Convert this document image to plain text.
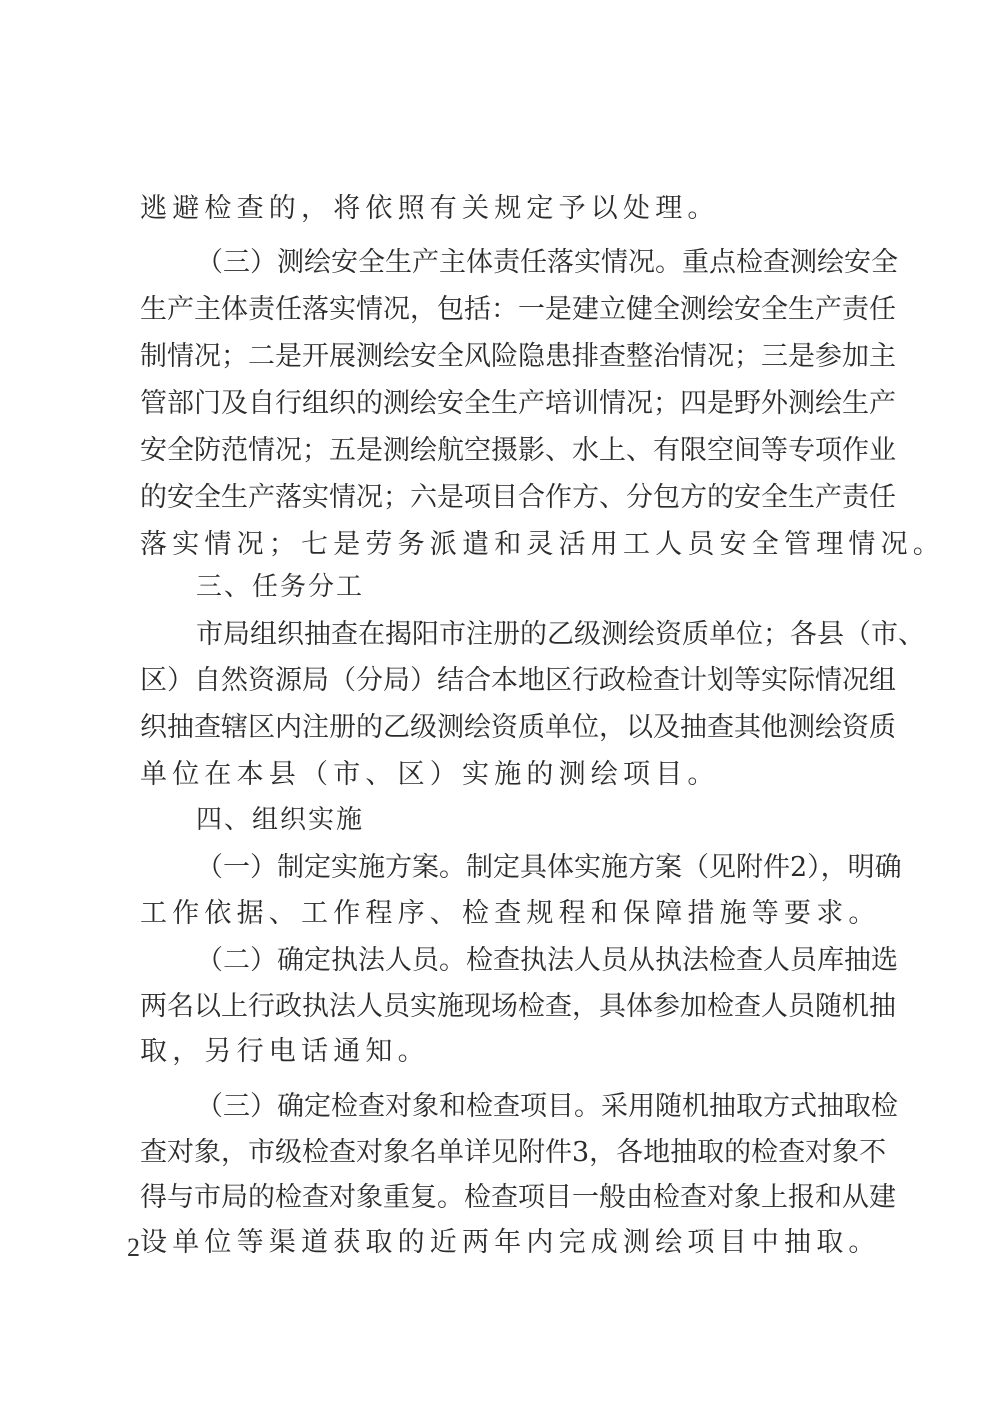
逃避检查的，将依照有关规定予以处理。

（三）测绘安全生产主体责任落实情况。重点检查测绘安全

生产主体责任落实情况，包括：一是建立健全测绘安全生产责任

制情况；二是开展测绘安全风险隐患排查整治情况；三是参加主

管部门及自行组织的测绘安全生产培训情况；四是野外测绘生产

安全防范情况；五是测绘航空摄影、水上、有限空间等专项作业

的安全生产落实情况；六是项目合作方、分包方的安全生产责任

落实情况；七是劳务派遣和灵活用工人员安全管理情况。

三、任务分工

市局组织抽查在揭阳市注册的乙级测绘资质单位；各县（市、

区）自然资源局（分局）结合本地区行政检查计划等实际情况组

织抽查辖区内注册的乙级测绘资质单位，以及抽查其他测绘资质

单位在本县（市、区）实施的测绘项目。

四、组织实施

（一）制定实施方案。制定具体实施方案（见附件2），明确

工作依据、工作程序、检查规程和保障措施等要求。

（二）确定执法人员。检查执法人员从执法检查人员库抽选

两名以上行政执法人员实施现场检查，具体参加检查人员随机抽

取，另行电话通知。

（三）确定检查对象和检查项目。采用随机抽取方式抽取检

查对象，市级检查对象名单详见附件3，各地抽取的检查对象不

得与市局的检查对象重复。检查项目一般由检查对象上报和从建

设单位等渠道获取的近两年内完成测绘项目中抽取。

2
